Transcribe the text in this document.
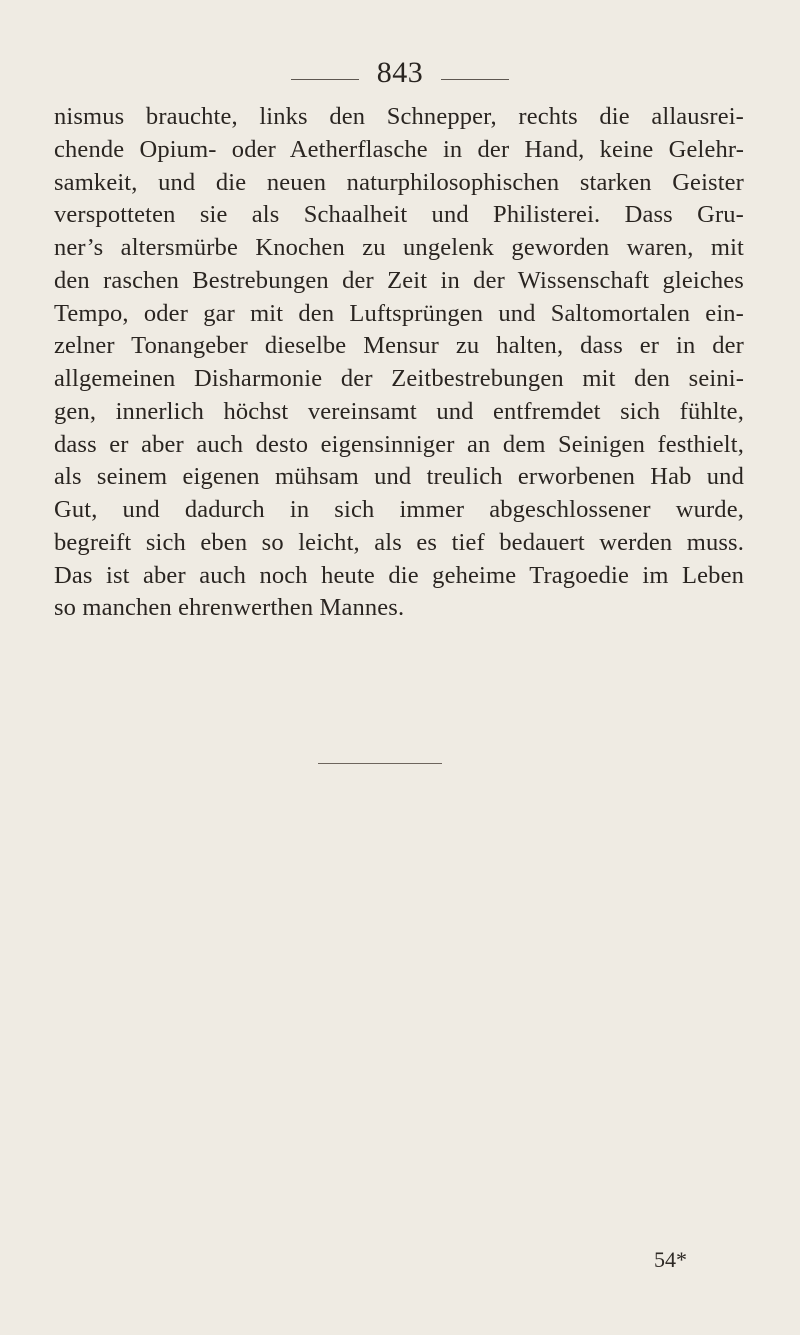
843
nismus brauchte, links den Schnepper, rechts die allausrei-
chende Opium- oder Aetherflasche in der Hand, keine Gelehr-
samkeit, und die neuen naturphilosophischen starken Geister
verspotteten sie als Schaalheit und Philisterei. Dass Gru-
ner’s altersmürbe Knochen zu ungelenk geworden waren, mit
den raschen Bestrebungen der Zeit in der Wissenschaft gleiches
Tempo, oder gar mit den Luftsprüngen und Saltomortalen ein-
zelner Tonangeber dieselbe Mensur zu halten, dass er in der
allgemeinen Disharmonie der Zeitbestrebungen mit den seini-
gen, innerlich höchst vereinsamt und entfremdet sich fühlte,
dass er aber auch desto eigensinniger an dem Seinigen festhielt,
als seinem eigenen mühsam und treulich erworbenen Hab und
Gut, und dadurch in sich immer abgeschlossener wurde,
begreift sich eben so leicht, als es tief bedauert werden muss.
Das ist aber auch noch heute die geheime Tragoedie im Leben
so manchen ehrenwerthen Mannes.
54*
